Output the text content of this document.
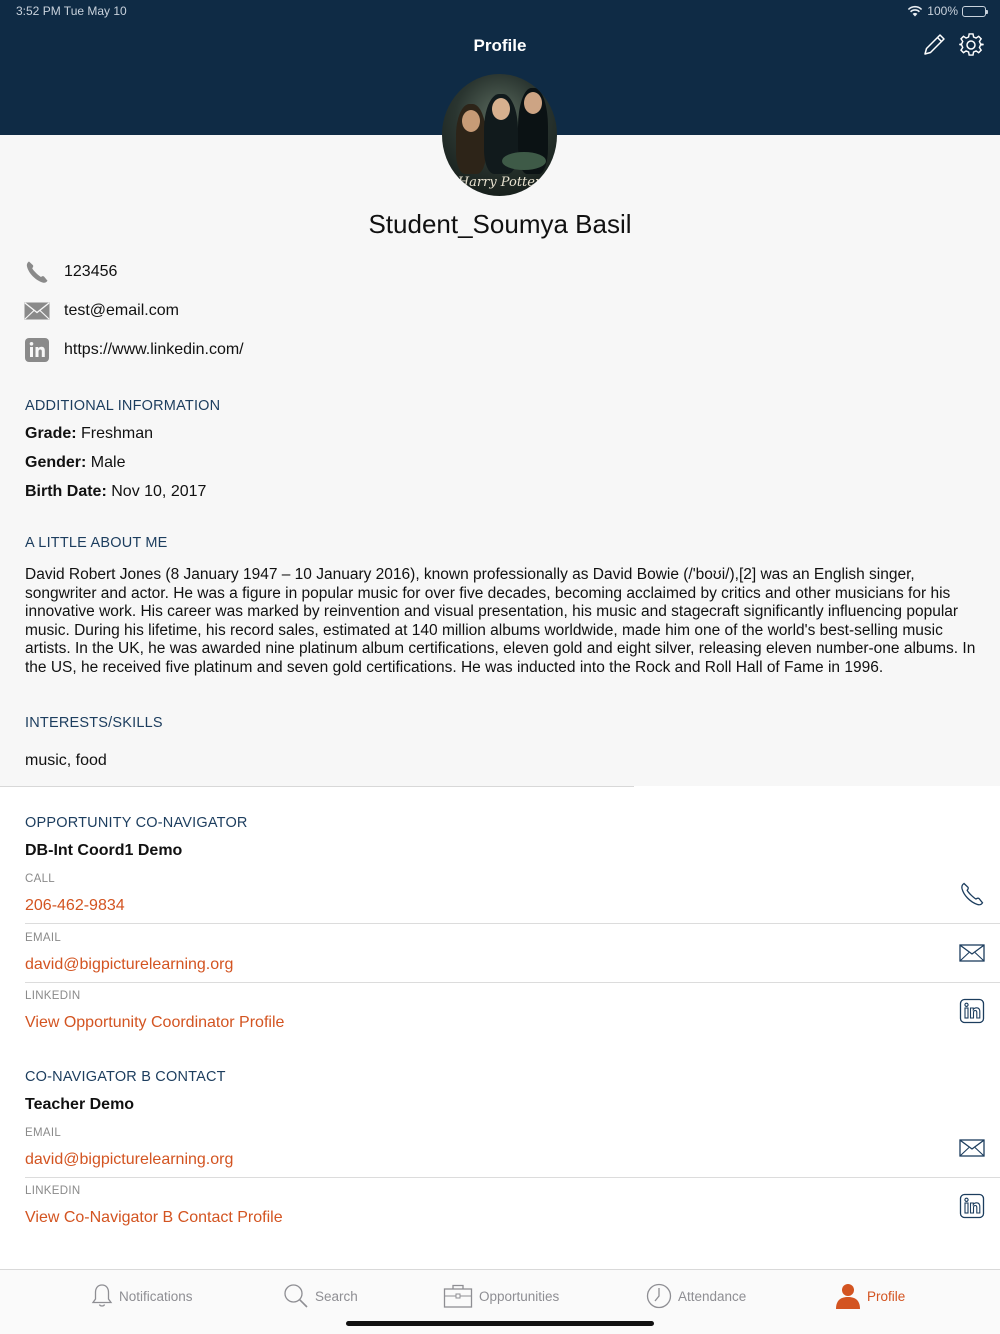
3:52 PM Tue May 10	100%
Profile
Harry Potter
Student_Soumya Basil
123456
test@email.com
https://www.linkedin.com/
ADDITIONAL INFORMATION
Grade: Freshman
Gender: Male
Birth Date: Nov 10, 2017
A LITTLE ABOUT ME
David Robert Jones (8 January 1947 – 10 January 2016), known professionally as David Bowie (/'boʊi/),[2] was an English singer, songwriter and actor. He was a figure in popular music for over five decades, becoming acclaimed by critics and other musicians for his innovative work. His career was marked by reinvention and visual presentation, his music and stagecraft significantly influencing popular music. During his lifetime, his record sales, estimated at 140 million albums worldwide, made him one of the world's best-selling music artists. In the UK, he was awarded nine platinum album certifications, eleven gold and eight silver, releasing eleven number-one albums. In the US, he received five platinum and seven gold certifications. He was inducted into the Rock and Roll Hall of Fame in 1996.
INTERESTS/SKILLS
music, food
OPPORTUNITY CO-NAVIGATOR
DB-Int Coord1 Demo
CALL
206-462-9834
EMAIL
david@bigpicturelearning.org
LINKEDIN
View Opportunity Coordinator Profile
CO-NAVIGATOR B CONTACT
Teacher Demo
EMAIL
david@bigpicturelearning.org
LINKEDIN
View Co-Navigator B Contact Profile
Notifications	Search	Opportunities	Attendance	Profile
